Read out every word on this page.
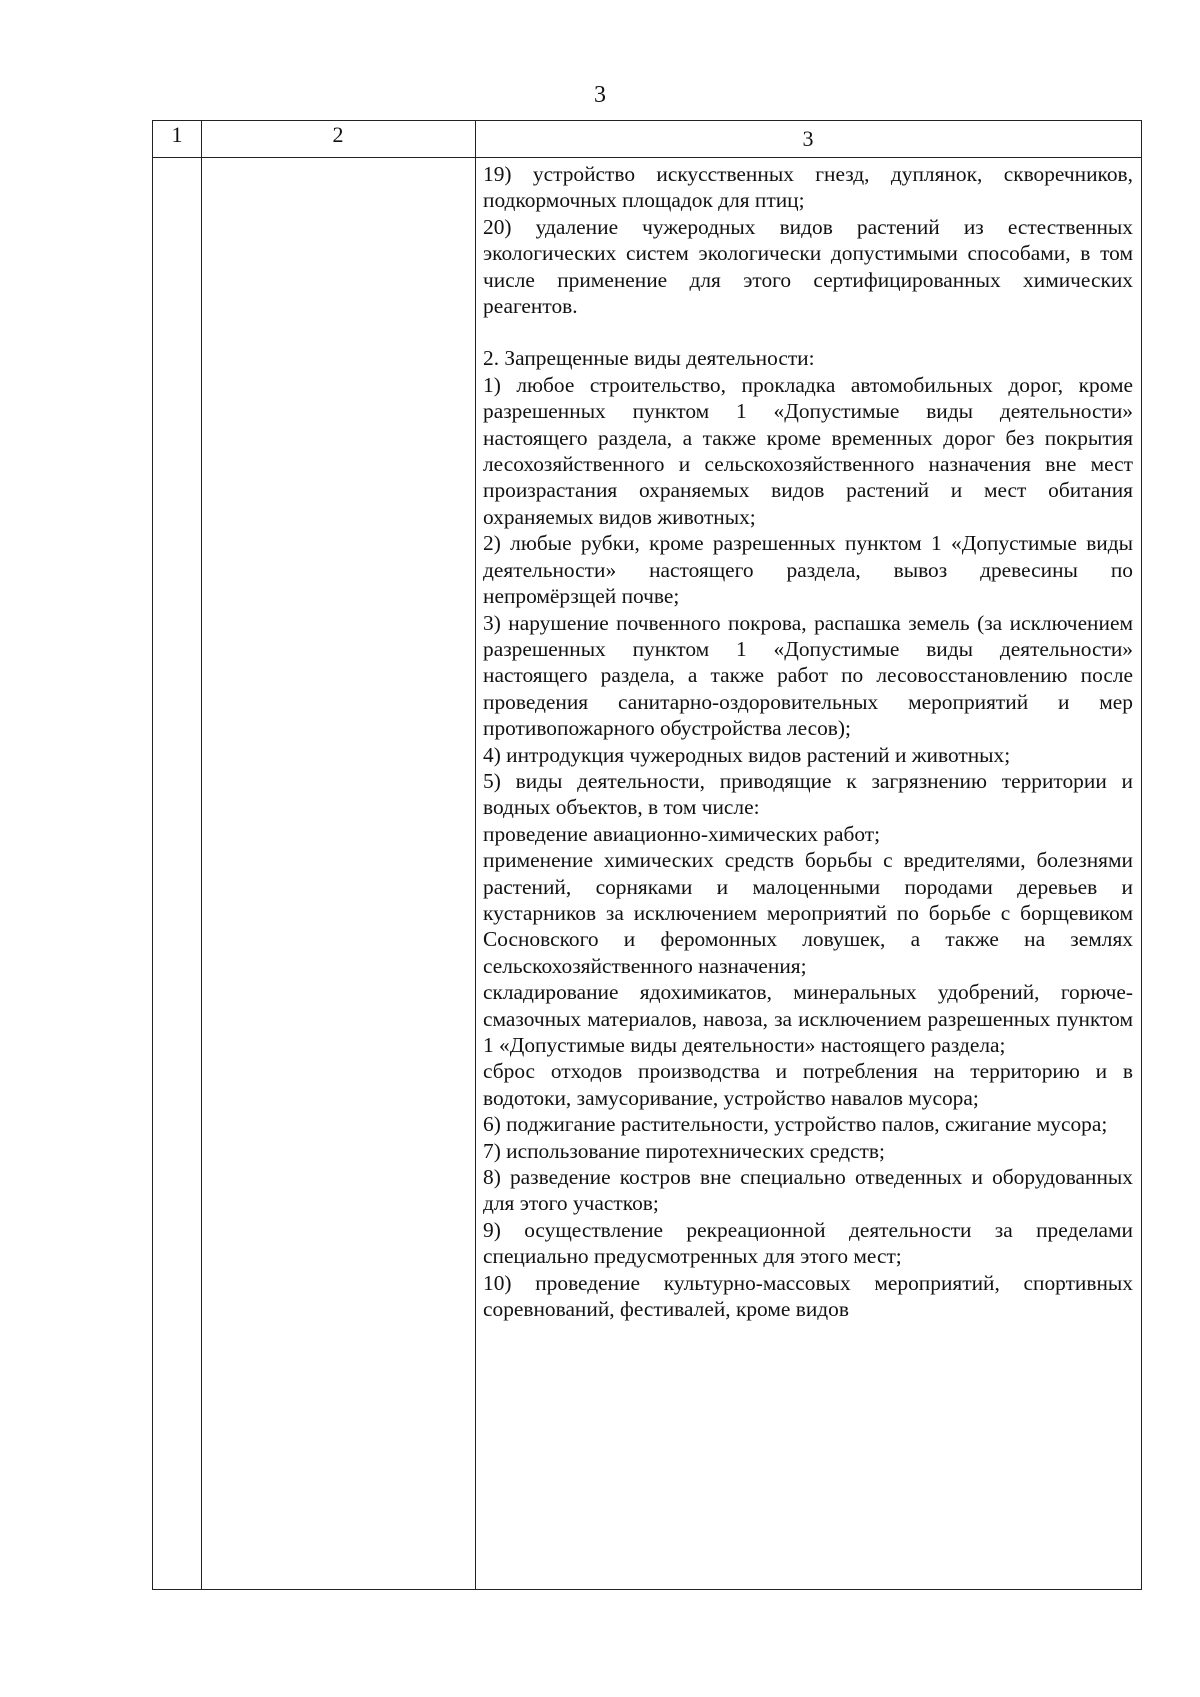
3
1	2	3

19) устройство искусственных гнезд, дуплянок, скворечников, подкормочных площадок для птиц;

20) удаление чужеродных видов растений из естественных экологических систем экологически допустимыми способами, в том числе применение для этого сертифицированных химических реагентов.

2. Запрещенные виды деятельности:

1) любое строительство, прокладка автомобильных дорог, кроме разрешенных пунктом 1 «Допустимые виды деятельности» настоящего раздела, а также кроме временных дорог без покрытия лесохозяйственного и сельскохозяйственного назначения вне мест произрастания охраняемых видов растений и мест обитания охраняемых видов животных;

2) любые рубки, кроме разрешенных пунктом 1 «Допустимые виды деятельности» настоящего раздела, вывоз древесины по непромёрзщей почве;

3) нарушение почвенного покрова, распашка земель (за исключением разрешенных пунктом 1 «Допустимые виды деятельности» настоящего раздела, а также работ по лесовосстановлению после проведения санитарно-оздоровительных мероприятий и мер противопожарного обустройства лесов);

4) интродукция чужеродных видов растений и животных;

5) виды деятельности, приводящие к загрязнению территории и водных объектов, в том числе:

проведение авиационно-химических работ;

применение химических средств борьбы с вредителями, болезнями растений, сорняками и малоценными породами деревьев и кустарников за исключением мероприятий по борьбе с борщевиком Сосновского и феромонных ловушек, а также на землях сельскохозяйственного назначения;

складирование ядохимикатов, минеральных удобрений, горюче-смазочных материалов, навоза, за исключением разрешенных пунктом 1 «Допустимые виды деятельности» настоящего раздела;

сброс отходов производства и потребления на территорию и в водотоки, замусоривание, устройство навалов мусора;

6) поджигание растительности, устройство палов, сжигание мусора;

7) использование пиротехнических средств;

8) разведение костров вне специально отведенных и оборудованных для этого участков;

9) осуществление рекреационной деятельности за пределами специально предусмотренных для этого мест;

10) проведение культурно-массовых мероприятий, спортивных соревнований, фестивалей, кроме видов
